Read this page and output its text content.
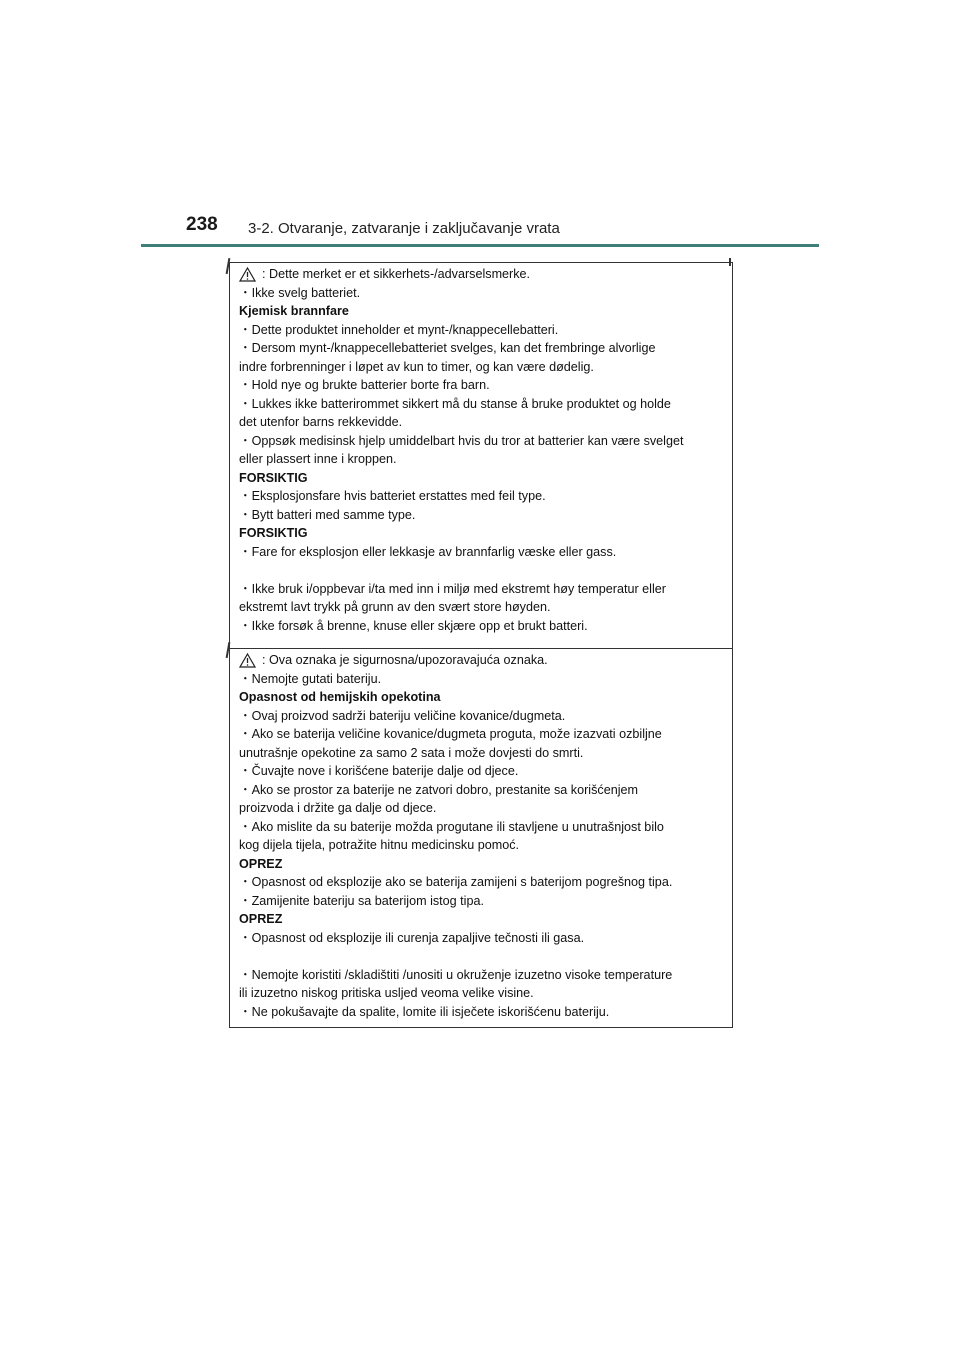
238 3-2. Otvaranje, zatvaranje i zaključavanje vrata
: Dette merket er et sikkerhets-/advarselsmerke.
・Ikke svelg batteriet.
Kjemisk brannfare
・Dette produktet inneholder et mynt-/knappecellebatteri.
・Dersom mynt-/knappecellebatteriet svelges, kan det frembringe alvorlige
indre forbrenninger i løpet av kun to timer, og kan være dødelig.
・Hold nye og brukte batterier borte fra barn.
・Lukkes ikke batterirommet sikkert må du stanse å bruke produktet og holde
det utenfor barns rekkevidde.
・Oppsøk medisinsk hjelp umiddelbart hvis du tror at batterier kan være svelget
eller plassert inne i kroppen.
FORSIKTIG
・Eksplosjonsfare hvis batteriet erstattes med feil type.
・Bytt batteri med samme type.
FORSIKTIG
・Fare for eksplosjon eller lekkasje av brannfarlig væske eller gass.
・Ikke bruk i/oppbevar i/ta med inn i miljø med ekstremt høy temperatur eller
ekstremt lavt trykk på grunn av den svært store høyden.
・Ikke forsøk å brenne, knuse eller skjære opp et brukt batteri.
: Ova oznaka je sigurnosna/upozoravajuća oznaka.
・Nemojte gutati bateriju.
Opasnost od hemijskih opekotina
・Ovaj proizvod sadrži bateriju veličine kovanice/dugmeta.
・Ako se baterija veličine kovanice/dugmeta proguta, može izazvati ozbiljne
unutrašnje opekotine za samo 2 sata i može dovjesti do smrti.
・Čuvajte nove i korišćene baterije dalje od djece.
・Ako se prostor za baterije ne zatvori dobro, prestanite sa korišćenjem
proizvoda i držite ga dalje od djece.
・Ako mislite da su baterije možda progutane ili stavljene u unutrašnjost bilo
kog dijela tijela, potražite hitnu medicinsku pomoć.
OPREZ
・Opasnost od eksplozije ako se baterija zamijeni s baterijom pogrešnog tipa.
・Zamijenite bateriju sa baterijom istog tipa.
OPREZ
・Opasnost od eksplozije ili curenja zapaljive tečnosti ili gasa.
・Nemojte koristiti /skladištiti /unositi u okruženje izuzetno visoke temperature
ili izuzetno niskog pritiska usljed veoma velike visine.
・Ne pokušavajte da spalite, lomite ili isječete iskorišćenu bateriju.
